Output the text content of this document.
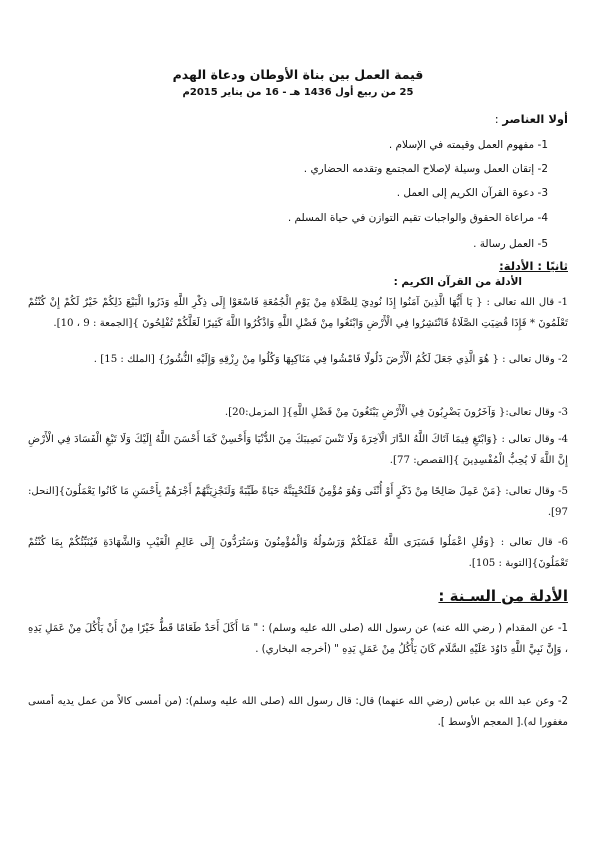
قيمة العمل بين بناة الأوطان ودعاة الهدم
25 من ربيع أول 1436 هـ - 16 من يناير 2015م
أولا العناصر :
1- مفهوم العمل وقيمته في الإسلام .
2- إتقان العمل وسيلة لإصلاح المجتمع وتقدمه الحضاري .
3- دعوة القرآن الكريم إلى العمل .
4- مراعاة الحقوق والواجبات تقيم التوازن في حياة المسلم .
5- العمل رسالة .
ثانيًا : الأدلة:
الأدلة من القرآن الكريم :
1- قال الله تعالى : { يَا أَيُّهَا الَّذِينَ آمَنُوا إِذَا نُودِيَ لِلصَّلَاةِ مِنْ يَوْمِ الْجُمُعَةِ فَاسْعَوْا إِلَى ذِكْرِ اللَّهِ وَذَرُوا الْبَيْعَ ذَلِكُمْ خَيْرٌ لَكُمْ إِنْ كُنْتُمْ تَعْلَمُونَ * فَإِذَا قُضِيَتِ الصَّلَاةُ فَانْتَشِرُوا فِي الْأَرْضِ وَابْتَغُوا مِنْ فَضْلِ اللَّهِ وَاذْكُرُوا اللَّهَ كَثِيرًا لَعَلَّكُمْ تُفْلِحُونَ }[الجمعة : 9 ، 10].
2- وقال تعالى : { هُوَ الَّذِي جَعَلَ لَكُمُ الْأَرْضَ ذَلُولًا فَامْشُوا فِي مَنَاكِبِهَا وَكُلُوا مِنْ رِزْقِهِ وَإِلَيْهِ النُّشُورُ} [الملك : 15] .
3- وقال تعالى:{ وَآخَرُونَ يَضْرِبُونَ فِي الْأَرْضِ يَبْتَغُونَ مِنْ فَضْلِ اللَّهِ}[ المزمل:20].
4- وقال تعالى : {وَابْتَغِ فِيمَا آتَاكَ اللَّهُ الدَّارَ الْآخِرَةَ وَلَا تَنْسَ نَصِيبَكَ مِنَ الدُّنْيَا وَأَحْسِنْ كَمَا أَحْسَنَ اللَّهُ إِلَيْكَ وَلَا تَبْغِ الْفَسَادَ فِي الْأَرْضِ إِنَّ اللَّهَ لَا يُحِبُّ الْمُفْسِدِينَ }[القصص: 77].
5- وقال تعالى: {مَنْ عَمِلَ صَالِحًا مِنْ ذَكَرٍ أَوْ أُنْثَى وَهُوَ مُؤْمِنٌ فَلَنُحْيِيَنَّهُ حَيَاةً طَيِّبَةً وَلَنَجْزِيَنَّهُمْ أَجْرَهُمْ بِأَحْسَنِ مَا كَانُوا يَعْمَلُونَ}[النحل: 97].
6- قال تعالى : {وَقُلِ اعْمَلُوا فَسَيَرَى اللَّهُ عَمَلَكُمْ وَرَسُولُهُ وَالْمُؤْمِنُونَ وَسَتُرَدُّونَ إِلَى عَالِمِ الْغَيْبِ وَالشَّهَادَةِ فَيُنَبِّئُكُمْ بِمَا كُنْتُمْ تَعْمَلُونَ}[التوبة : 105].
الأدلة من السـنة :
1- عن المقدام ( رضي الله عنه) عن رسول الله (صلى الله عليه وسلم) : " مَا أَكَلَ أَحَدٌ طَعَامًا قَطُّ خَيْرًا مِنْ أَنْ يَأْكُلَ مِنْ عَمَلِ يَدِهِ ، وَإِنَّ نَبِيَّ اللَّهِ دَاوُدَ عَلَيْهِ السَّلَام كَانَ يَأْكُلُ مِنْ عَمَلِ يَدِهِ " (أخرجه البخاري) .
2- وعن عبد الله بن عباس (رضي الله عنهما) قال: قال رسول الله (صلى الله عليه وسلم): (من أمسى كالاً من عمل يديه أمسى مغفورا له).[ المعجم الأوسط ].
